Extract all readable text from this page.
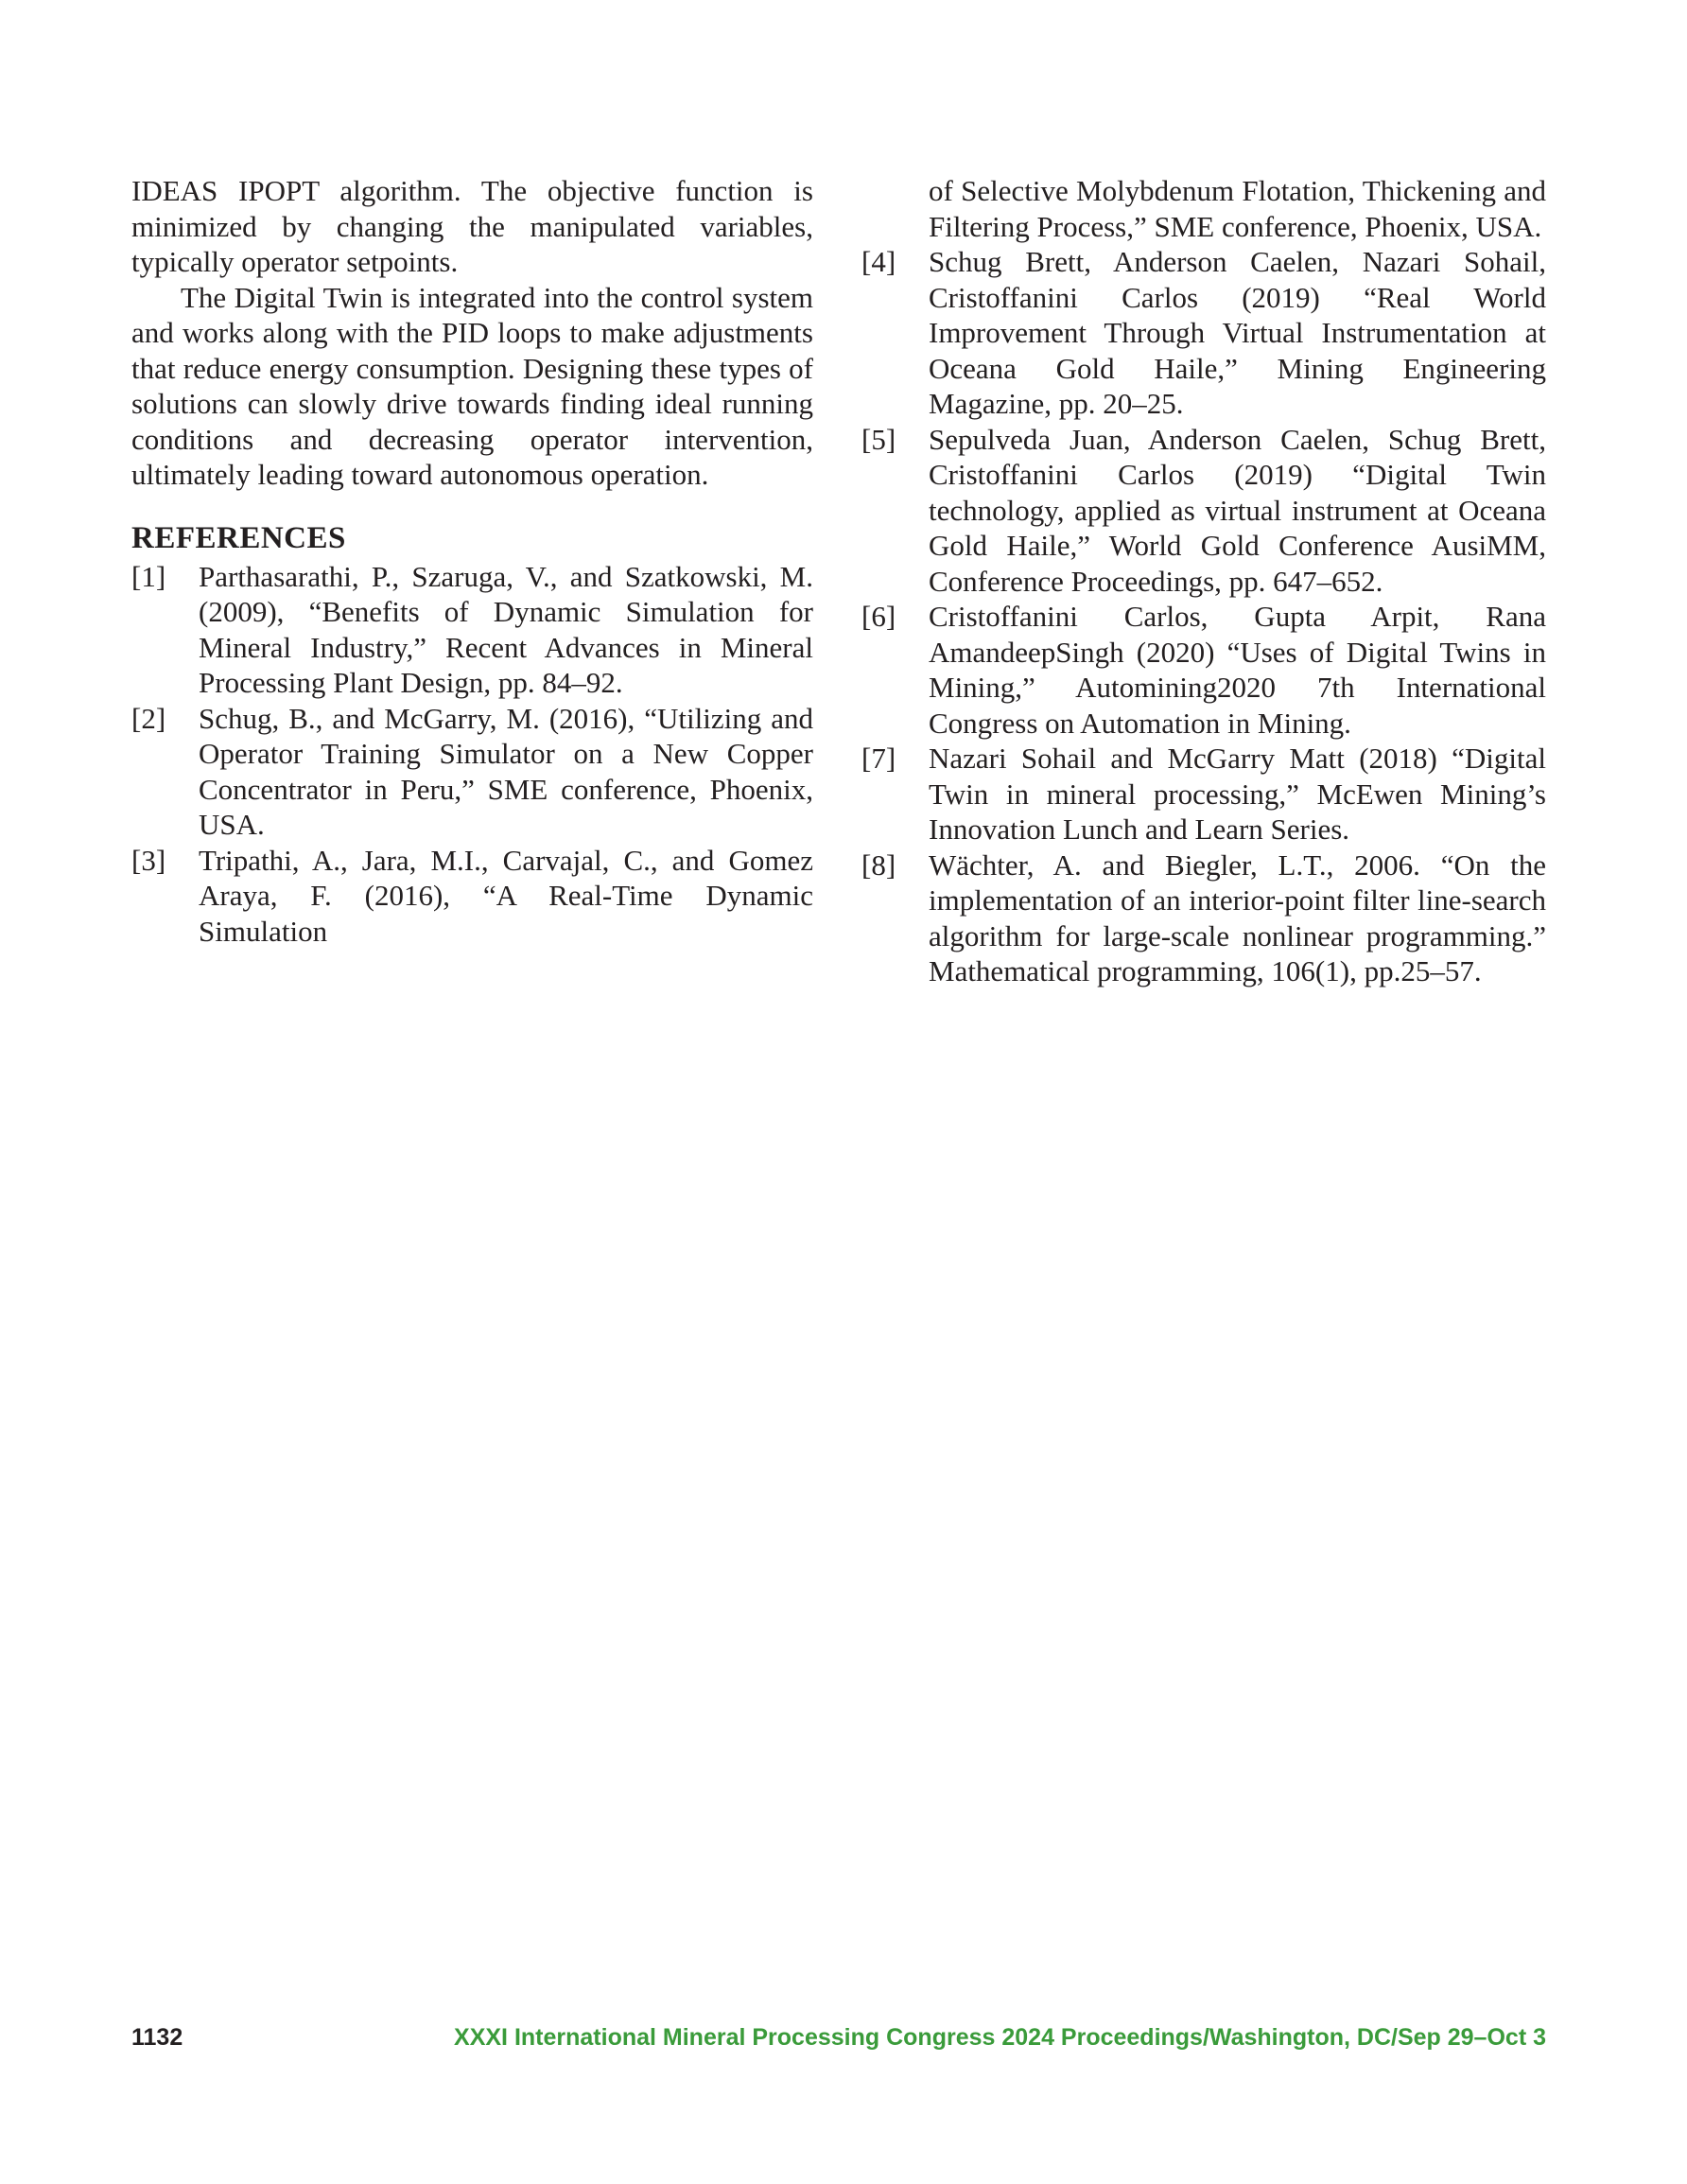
IDEAS IPOPT algorithm. The objective function is minimized by changing the manipulated variables, typically operator setpoints.

The Digital Twin is integrated into the control system and works along with the PID loops to make adjustments that reduce energy consumption. Designing these types of solutions can slowly drive towards finding ideal running conditions and decreasing operator intervention, ultimately leading toward autonomous operation.

REFERENCES
[1] Parthasarathi, P., Szaruga, V., and Szatkowski, M. (2009), “Benefits of Dynamic Simulation for Mineral Industry,” Recent Advances in Mineral Processing Plant Design, pp. 84–92.
[2] Schug, B., and McGarry, M. (2016), “Utilizing and Operator Training Simulator on a New Copper Concentrator in Peru,” SME conference, Phoenix, USA.
[3] Tripathi, A., Jara, M.I., Carvajal, C., and Gomez Araya, F. (2016), “A Real-Time Dynamic Simulation

of Selective Molybdenum Flotation, Thickening and Filtering Process,” SME conference, Phoenix, USA.

[4] Schug Brett, Anderson Caelen, Nazari Sohail, Cristoffanini Carlos (2019) “Real World Improvement Through Virtual Instrumentation at Oceana Gold Haile,” Mining Engineering Magazine, pp. 20–25.
[5] Sepulveda Juan, Anderson Caelen, Schug Brett, Cristoffanini Carlos (2019) “Digital Twin technology, applied as virtual instrument at Oceana Gold Haile,” World Gold Conference AusiMM, Conference Proceedings, pp. 647–652.
[6] Cristoffanini Carlos, Gupta Arpit, Rana AmandeepSingh (2020) “Uses of Digital Twins in Mining,” Automining2020 7th International Congress on Automation in Mining.
[7] Nazari Sohail and McGarry Matt (2018) “Digital Twin in mineral processing,” McEwen Mining’s Innovation Lunch and Learn Series.
[8] Wächter, A. and Biegler, L.T., 2006. “On the implementation of an interior-point filter line-search algorithm for large-scale nonlinear programming.” Mathematical programming, 106(1), pp.25–57.
1132	XXXI International Mineral Processing Congress 2024 Proceedings/Washington, DC/Sep 29–Oct 3
